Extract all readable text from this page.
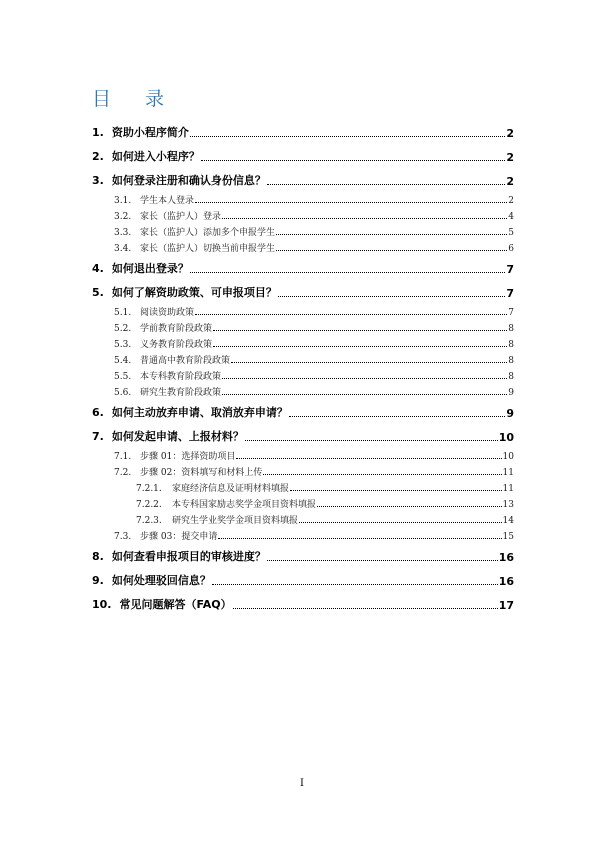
目 录
1. 资助小程序简介	2
2. 如何进入小程序？	2
3. 如何登录注册和确认身份信息？	2
3.1. 学生本人登录	2
3.2. 家长（监护人）登录	4
3.3. 家长（监护人）添加多个申报学生	5
3.4. 家长（监护人）切换当前申报学生	6
4. 如何退出登录？	7
5. 如何了解资助政策、可申报项目？	7
5.1. 阅读资助政策	7
5.2. 学前教育阶段政策	8
5.3. 义务教育阶段政策	8
5.4. 普通高中教育阶段政策	8
5.5. 本专科教育阶段政策	8
5.6. 研究生教育阶段政策	9
6. 如何主动放弃申请、取消放弃申请？	9
7. 如何发起申请、上报材料？	10
7.1. 步骤 01：选择资助项目	10
7.2. 步骤 02：资料填写和材料上传	11
7.2.1. 家庭经济信息及证明材料填报	11
7.2.2. 本专科国家励志奖学金项目资料填报	13
7.2.3. 研究生学业奖学金项目资料填报	14
7.3. 步骤 03：提交申请	15
8. 如何查看申报项目的审核进度？	16
9. 如何处理驳回信息？	16
10. 常见问题解答（FAQ）	17
I
